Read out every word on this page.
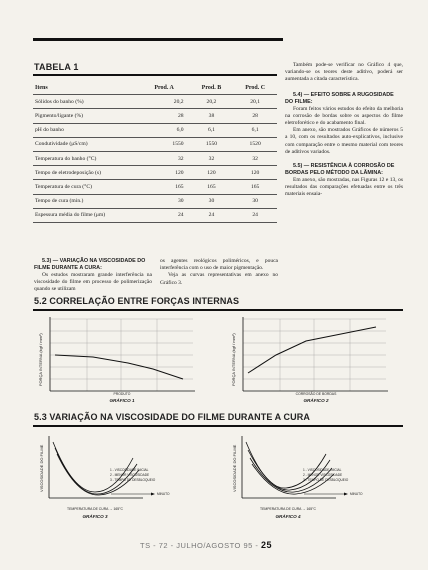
TABELA 1
Itens	Prod. A	Prod. B	Prod. C
Sólidos do banho (%)	20,2	20,2	20,1
Pigmento/ligante (%)	28	38	28
pH do banho	6,0	6,1	6,1
Condutividade (μS/cm)	1550	1550	1520
Temperatura do banho (°C)	32	32	32
Tempo de eletrodeposição (s)	120	120	120
Temperatura de cura (°C)	165	165	165
Tempo de cura (min.)	30	30	30
Espessura média do filme (μm)	24	24	24
Também pode-se verificar no Gráfico 4 que, variando-se os teores deste aditivo, poderá ser aumentada a citada característica.
5.4) — EFEITO SOBRE A RUGOSIDADE DO FILME:
Foram feitos vários estudos do efeito da melhoria na corrosão de bordas sobre os aspectos do filme eletroforético e do acabamento final.
Em anexo, são mostrados Gráficos de números 5 a 10, com os resultados auto-explicativos, inclusive com comparação entre o mesmo material com teores de aditivos variados.
5.5) — RESISTÊNCIA À CORROSÃO DE BORDAS PELO MÉTODO DA LÂMINA:
Em anexo, são mostradas, nas Figuras 12 e 13, os resultados das comparações efetuadas entre os três materiais ensaia-
5.3) — VARIAÇÃO NA VISCOSIDADE DO FILME DURANTE A CURA:
Os estudos mostraram grande interferência na viscosidade do filme em processo de polimerização quando se utilizam
os agentes reológicos poliméricos, e pouca interferência com o uso de maior pigmentação.
Veja as curvas representativas em anexo no Gráfico 3.
5.2 CORRELAÇÃO ENTRE FORÇAS INTERNAS
FORÇA INTERNA (kgf / mm²)
PRODUTO
GRÁFICO 1
FORÇA INTERNA (kgf / mm²)
CORROSÃO DE BORDAS
GRÁFICO 2
5.3 VARIAÇÃO NA VISCOSIDADE DO FILME DURANTE A CURA
VISCOSIDADE DO FILME	1 - VISCOSIDADE INICIAL
2 - MENOR VISCOSIDADE
3 - TEMPO DE DESBLOQUEIO
MINUTO
TEMPERATURA DE CURA → 165°C
GRÁFICO 3
VISCOSIDADE DO FILME	1 - VISCOSIDADE INICIAL
2 - MENOR VISCOSIDADE
3 - TEMPO DE DESBLOQUEIO
MINUTO
TEMPERATURA DE CURA → 165°C
GRÁFICO 4
TS - 72 - JULHO/AGOSTO 95 - 25
